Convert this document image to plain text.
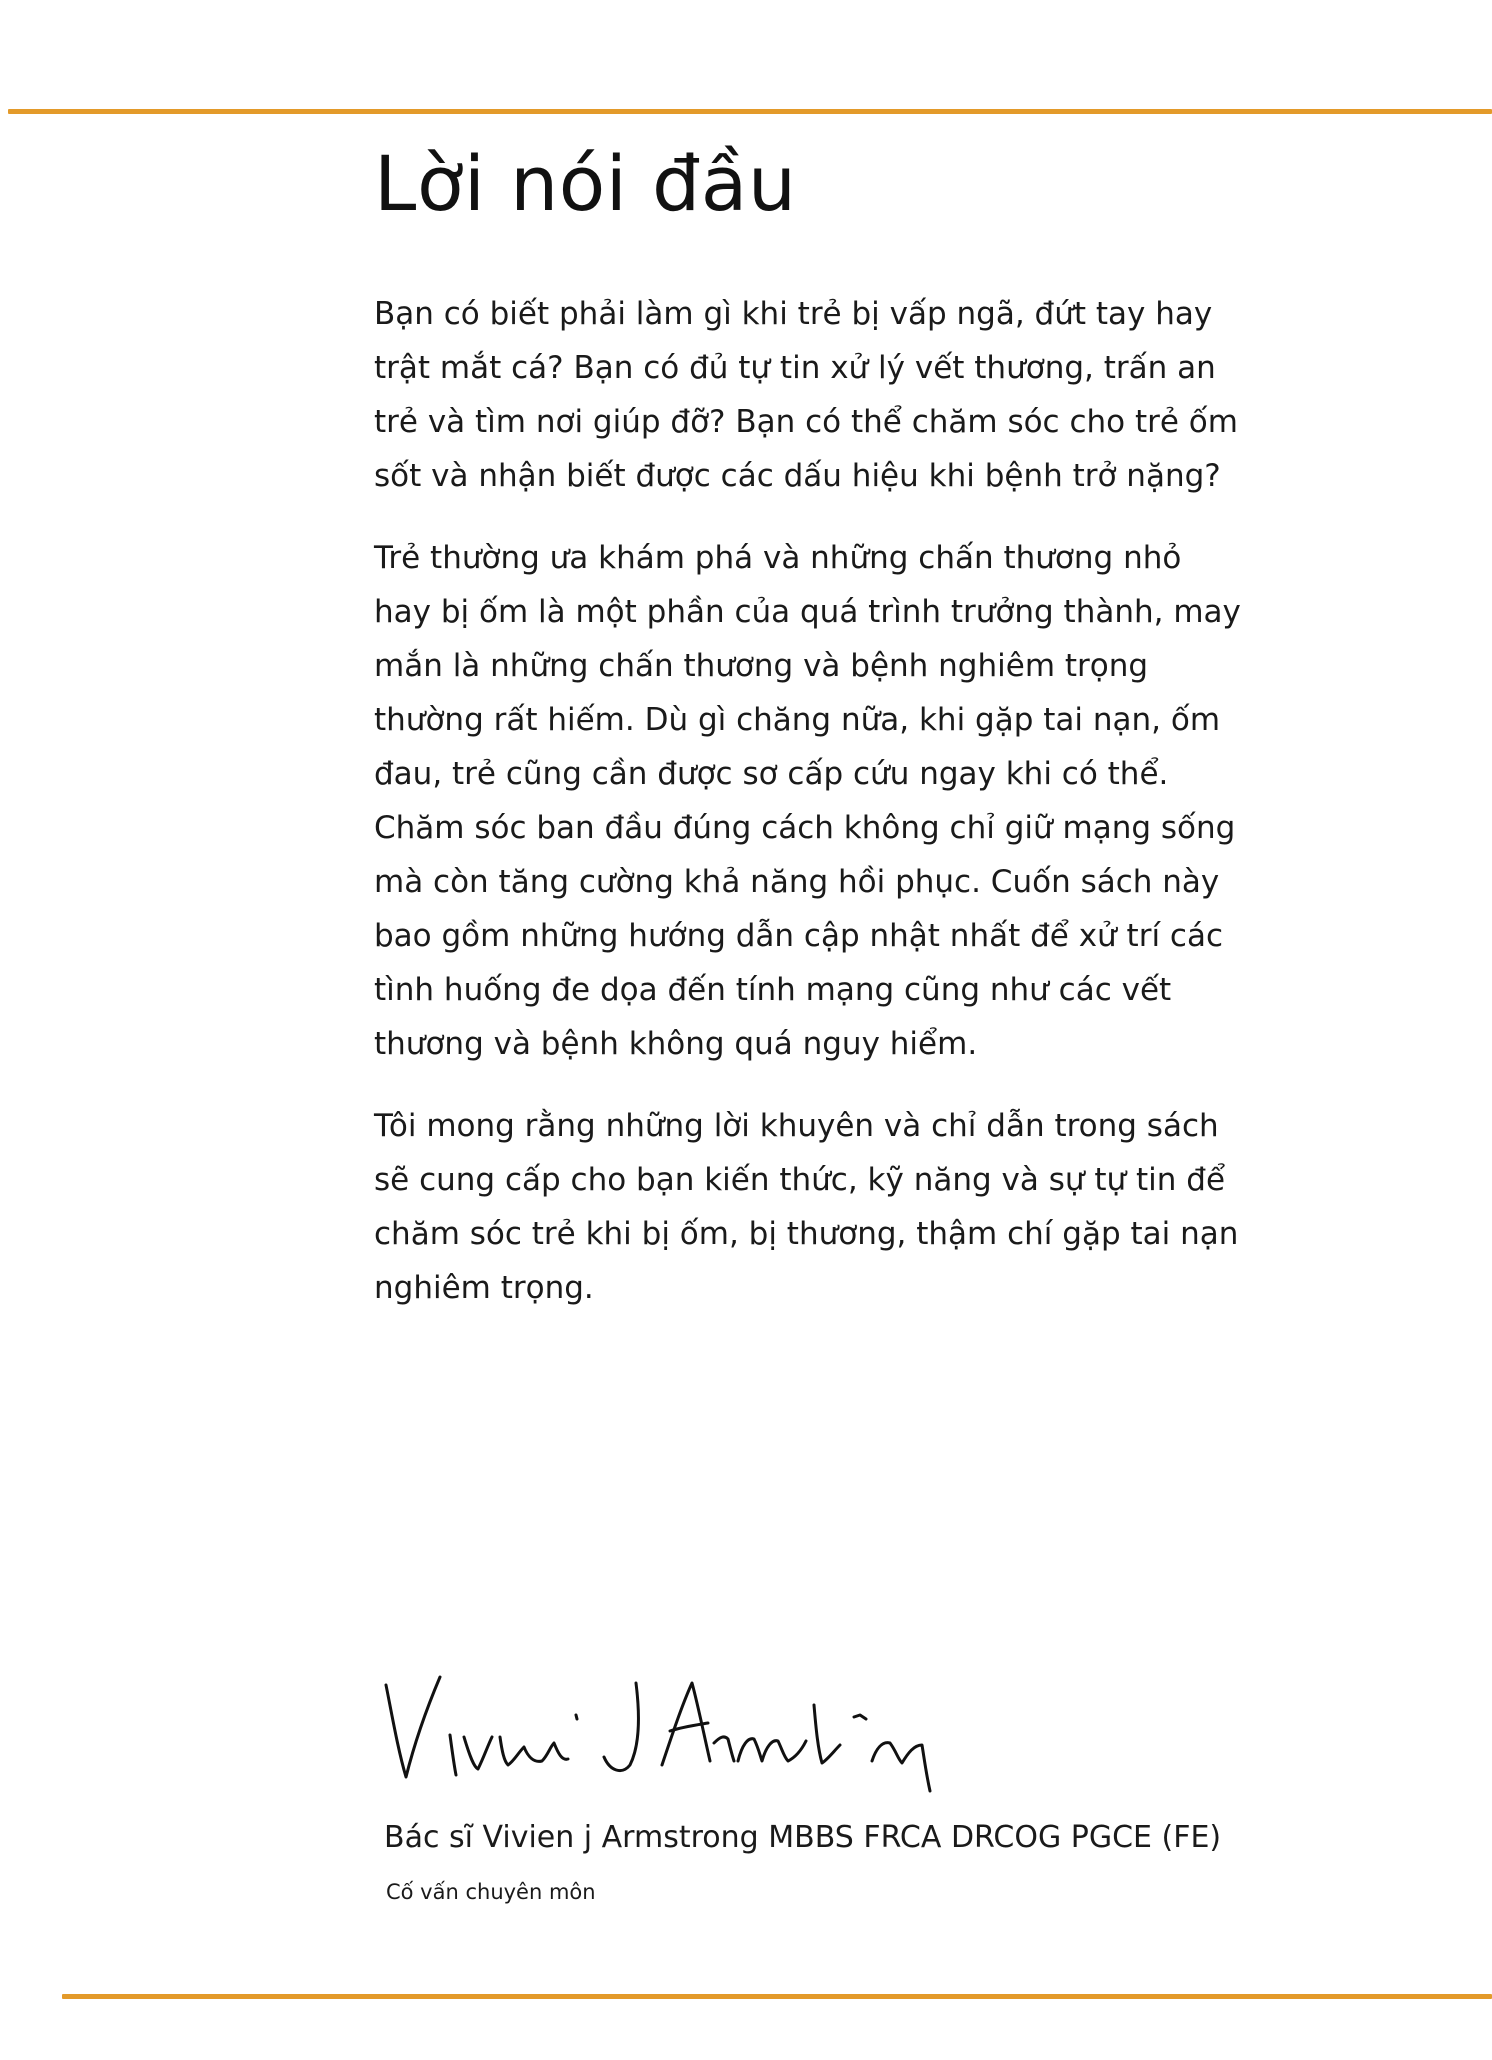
Lời nói đầu

Bạn có biết phải làm gì khi trẻ bị vấp ngã, đứt tay hay
trật mắt cá? Bạn có đủ tự tin xử lý vết thương, trấn an
trẻ và tìm nơi giúp đỡ? Bạn có thể chăm sóc cho trẻ ốm
sốt và nhận biết được các dấu hiệu khi bệnh trở nặng?

Trẻ thường ưa khám phá và những chấn thương nhỏ
hay bị ốm là một phần của quá trình trưởng thành, may
mắn là những chấn thương và bệnh nghiêm trọng
thường rất hiếm. Dù gì chăng nữa, khi gặp tai nạn, ốm
đau, trẻ cũng cần được sơ cấp cứu ngay khi có thể.
Chăm sóc ban đầu đúng cách không chỉ giữ mạng sống
mà còn tăng cường khả năng hồi phục. Cuốn sách này
bao gồm những hướng dẫn cập nhật nhất để xử trí các
tình huống đe dọa đến tính mạng cũng như các vết
thương và bệnh không quá nguy hiểm.

Tôi mong rằng những lời khuyên và chỉ dẫn trong sách
sẽ cung cấp cho bạn kiến thức, kỹ năng và sự tự tin để
chăm sóc trẻ khi bị ốm, bị thương, thậm chí gặp tai nạn
nghiêm trọng.

Bác sĩ Vivien j Armstrong MBBS FRCA DRCOG PGCE (FE)
Cố vấn chuyên môn
